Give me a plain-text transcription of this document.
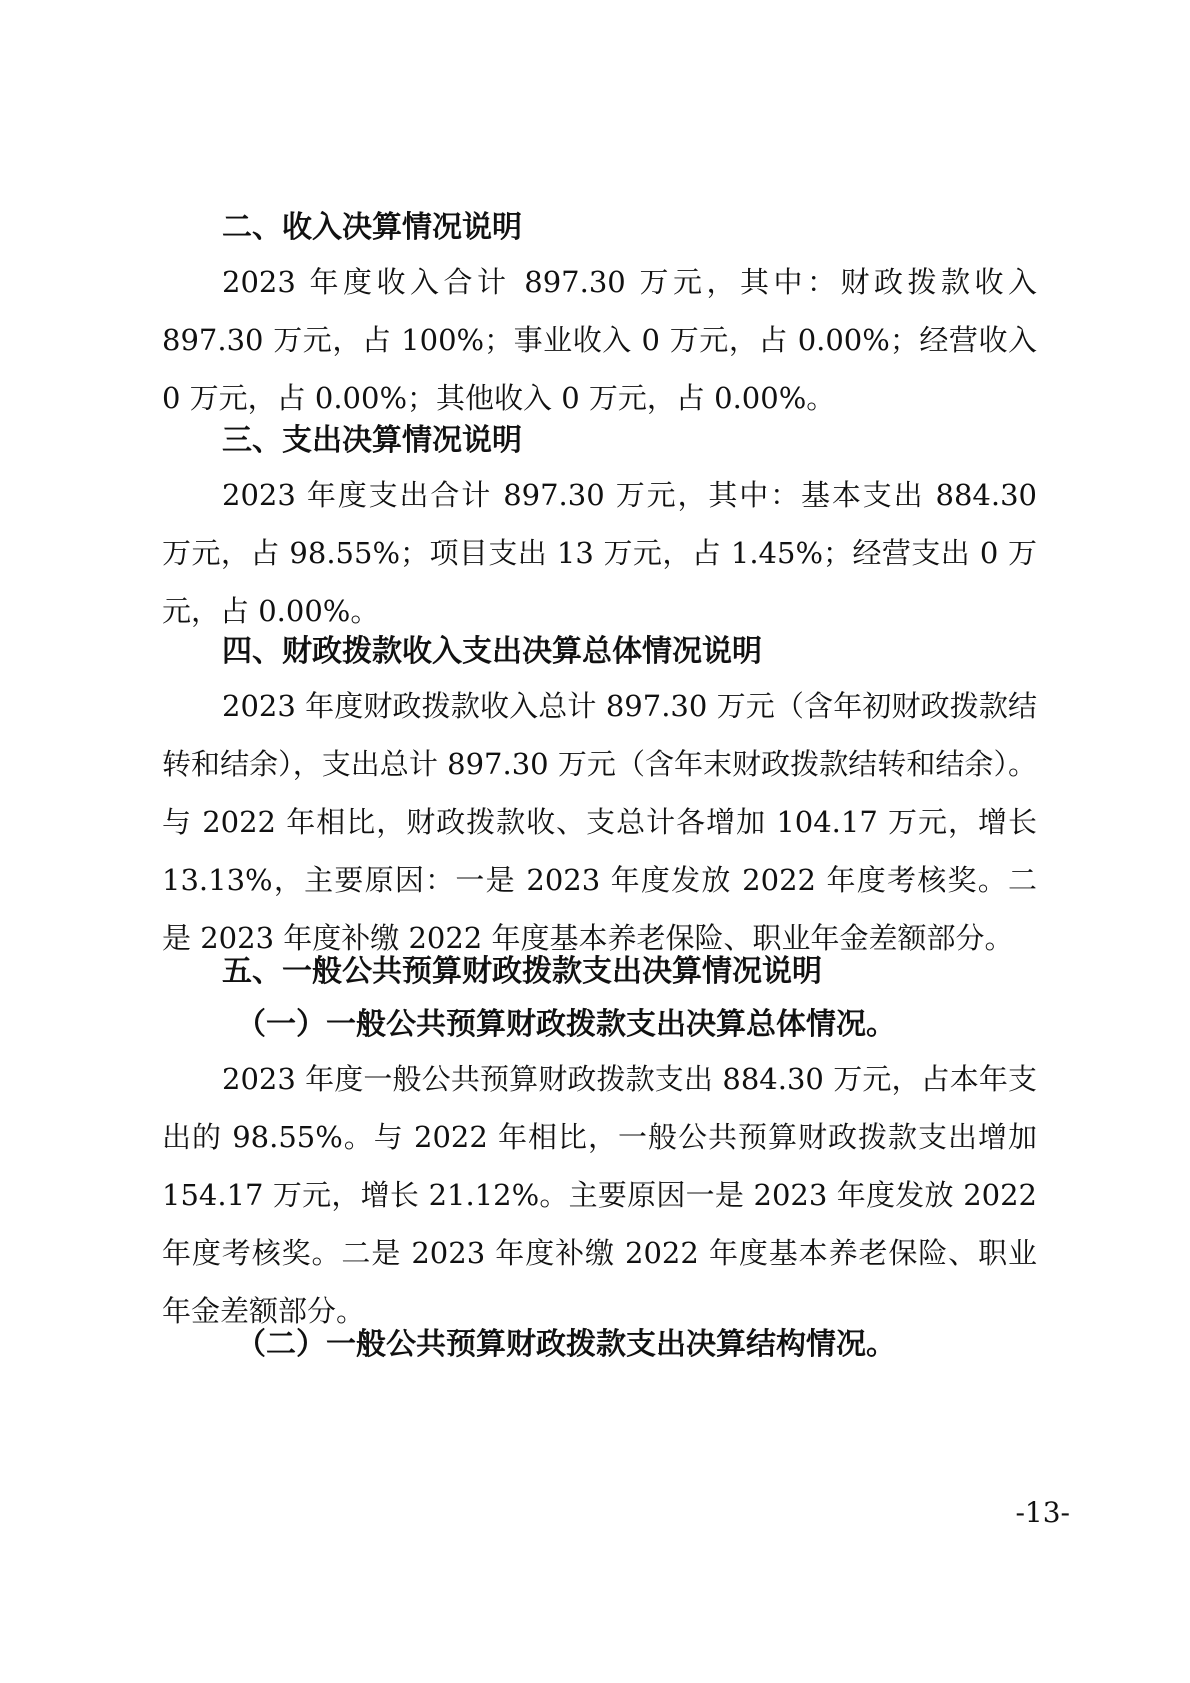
二、收入决算情况说明

2023 年度收入合计 897.30 万元，其中：财政拨款收入 897.30 万元，占 100%；事业收入 0 万元，占 0.00%；经营收入 0 万元，占 0.00%；其他收入 0 万元，占 0.00%。

三、支出决算情况说明

2023 年度支出合计 897.30 万元，其中：基本支出 884.30 万元，占 98.55%；项目支出 13 万元，占 1.45%；经营支出 0 万元，占 0.00%。

四、财政拨款收入支出决算总体情况说明

2023 年度财政拨款收入总计 897.30 万元（含年初财政拨款结转和结余），支出总计 897.30 万元（含年末财政拨款结转和结余）。与 2022 年相比，财政拨款收、支总计各增加 104.17 万元，增长 13.13%，主要原因：一是 2023 年度发放 2022 年度考核奖。二是 2023 年度补缴 2022 年度基本养老保险、职业年金差额部分。

五、一般公共预算财政拨款支出决算情况说明
（一）一般公共预算财政拨款支出决算总体情况。

2023 年度一般公共预算财政拨款支出 884.30 万元，占本年支出的 98.55%。与 2022 年相比，一般公共预算财政拨款支出增加 154.17 万元，增长 21.12%。主要原因一是 2023 年度发放 2022 年度考核奖。二是 2023 年度补缴 2022 年度基本养老保险、职业年金差额部分。

（二）一般公共预算财政拨款支出决算结构情况。
-13-
